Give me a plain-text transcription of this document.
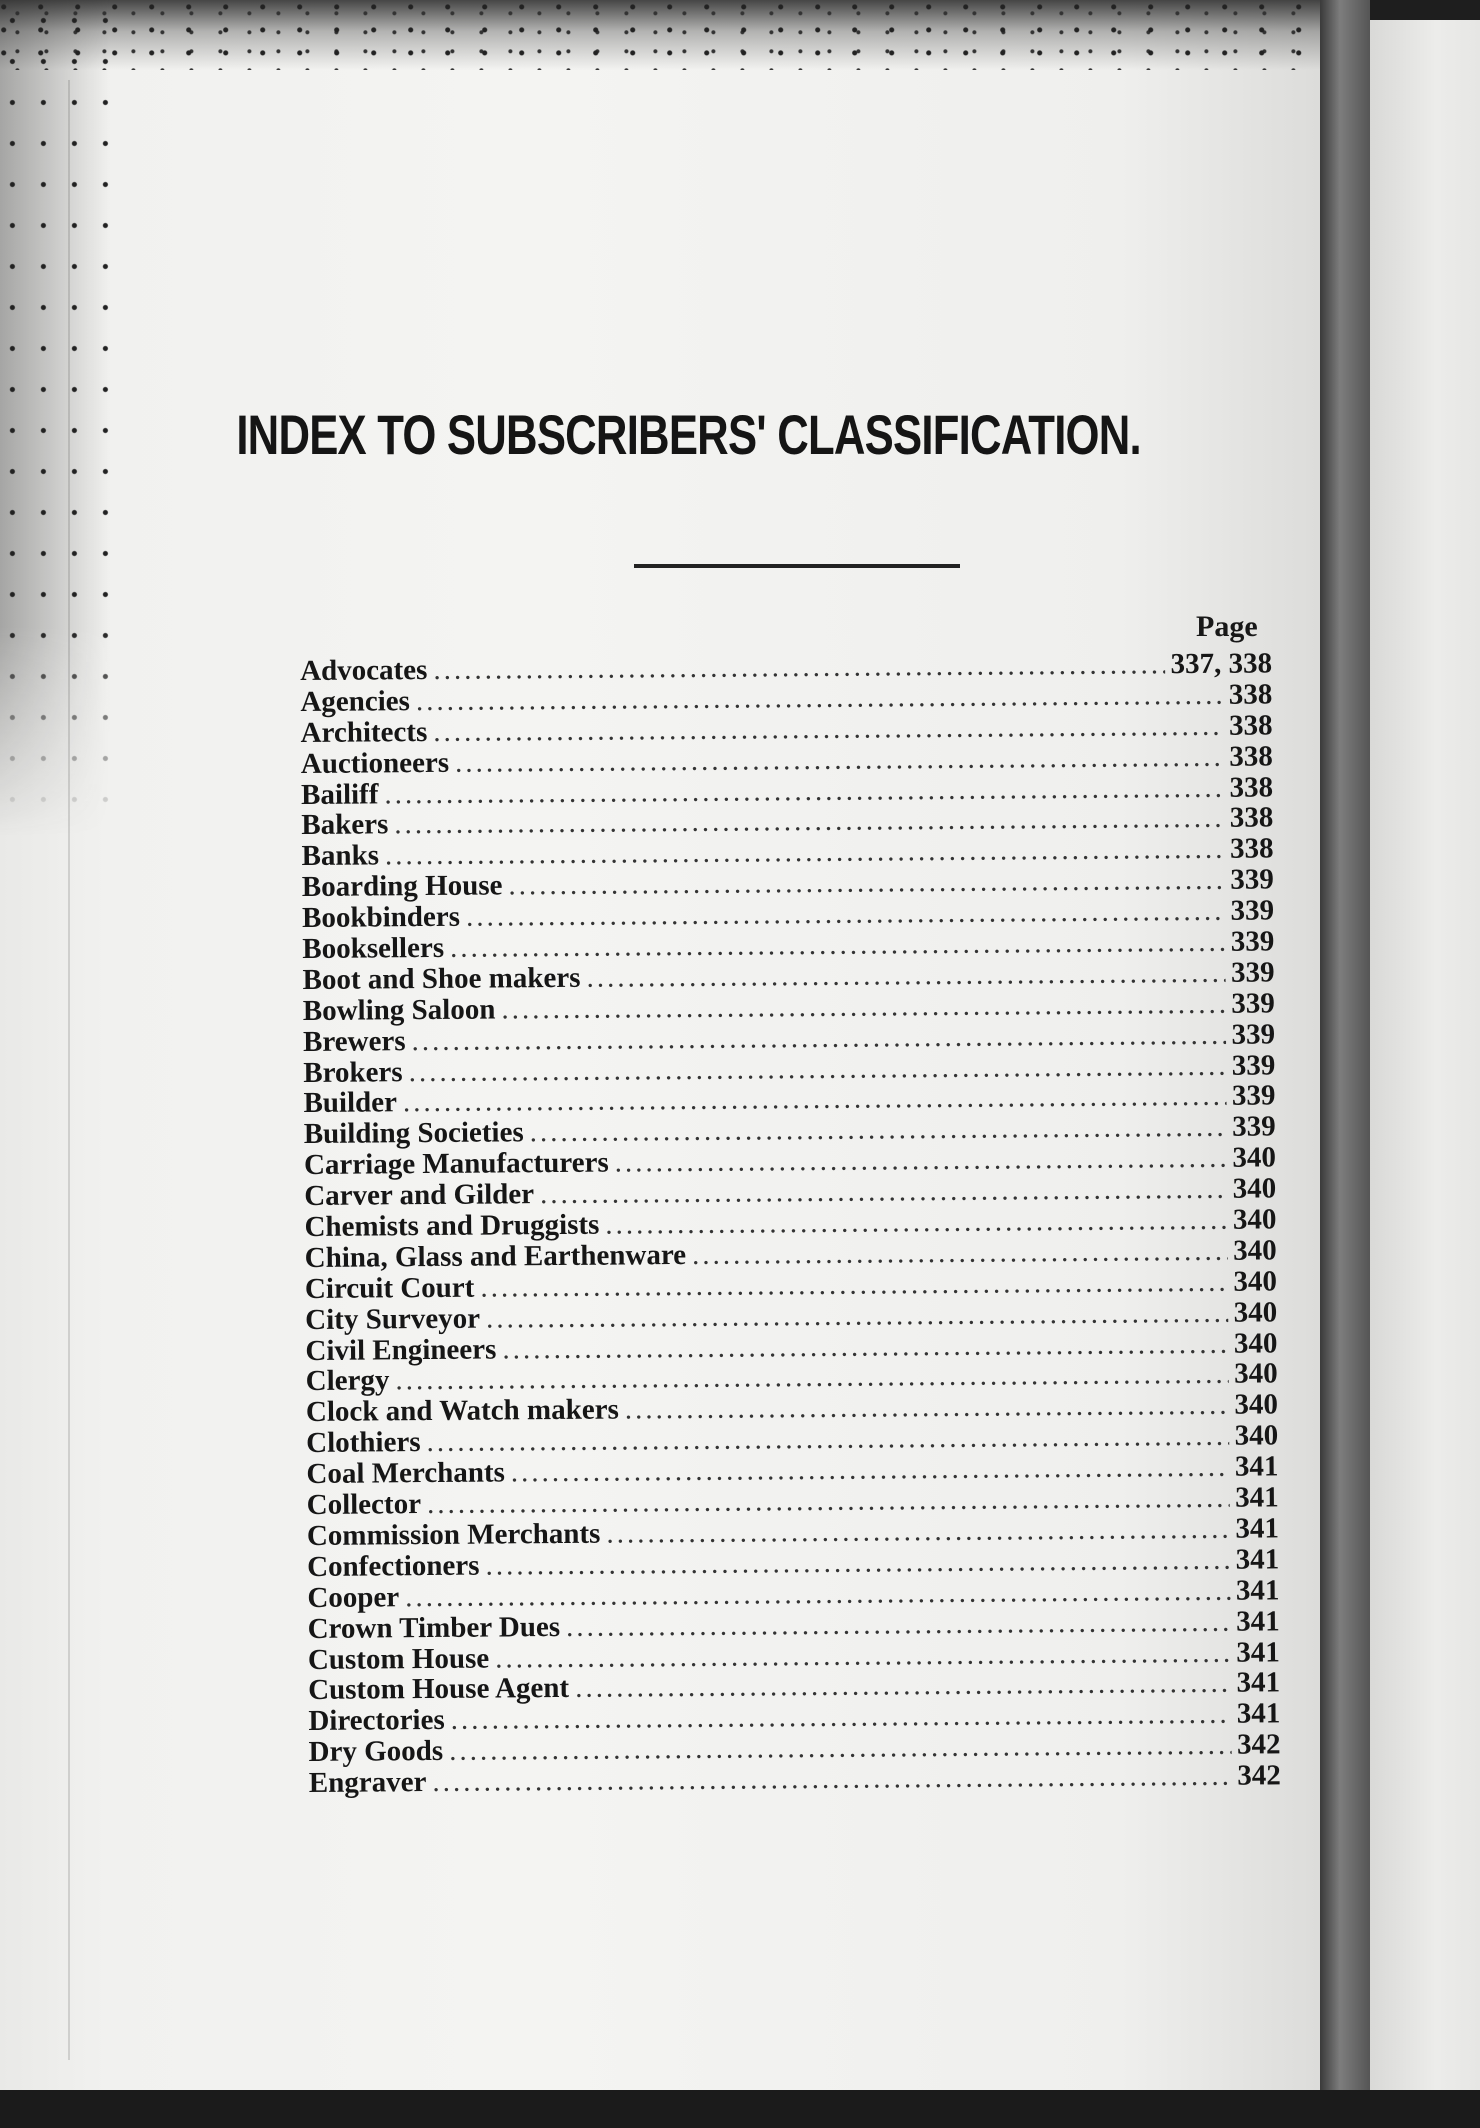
INDEX TO SUBSCRIBERS' CLASSIFICATION.
Page
Advocates .....	337, 338
Agencies .....	338
Architects .....	338
Auctioneers .....	338
Bailiff .....	338
Bakers .....	338
Banks .....	338
Boarding House .....	339
Bookbinders .....	339
Booksellers .....	339
Boot and Shoe makers .....	339
Bowling Saloon .....	339
Brewers .....	339
Brokers .....	339
Builder .....	339
Building Societies .....	339
Carriage Manufacturers .....	340
Carver and Gilder .....	340
Chemists and Druggists .....	340
China, Glass and Earthenware .....	340
Circuit Court .....	340
City Surveyor .....	340
Civil Engineers .....	340
Clergy .....	340
Clock and Watch makers .....	340
Clothiers .....	340
Coal Merchants .....	341
Collector .....	341
Commission Merchants .....	341
Confectioners .....	341
Cooper .....	341
Crown Timber Dues .....	341
Custom House .....	341
Custom House Agent .....	341
Directories .....	341
Dry Goods .....	342
Engraver .....	342
